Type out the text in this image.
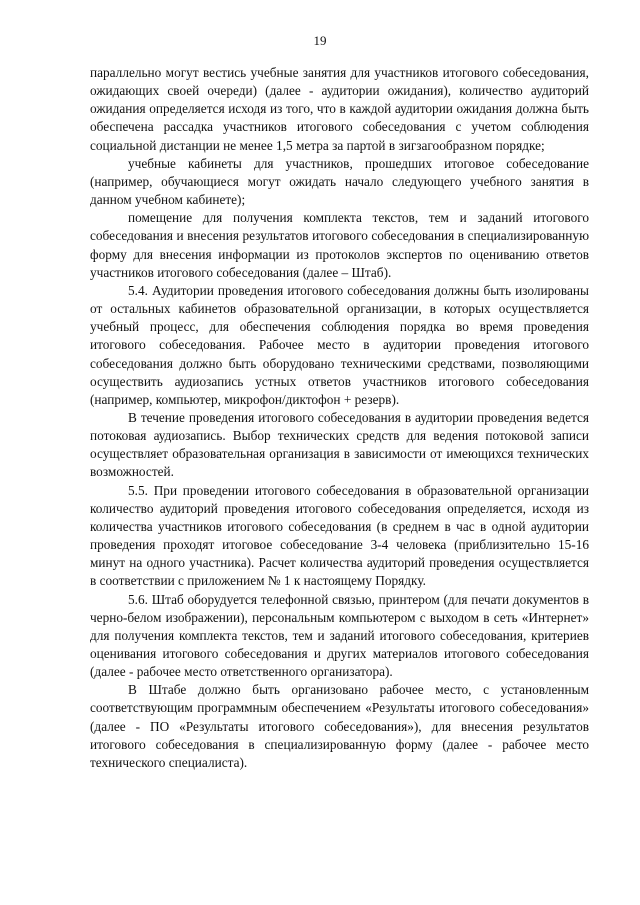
19

параллельно могут вестись учебные занятия для участников итогового собеседования, ожидающих своей очереди) (далее - аудитории ожидания), количество аудиторий ожидания определяется исходя из того, что в каждой аудитории ожидания должна быть обеспечена рассадка участников итогового собеседования с учетом соблюдения социальной дистанции не менее 1,5 метра за партой в зигзагообразном порядке;

учебные кабинеты для участников, прошедших итоговое собеседование (например, обучающиеся могут ожидать начало следующего учебного занятия в данном учебном кабинете);

помещение для получения комплекта текстов, тем и заданий итогового собеседования и внесения результатов итогового собеседования в специализированную форму для внесения информации из протоколов экспертов по оцениванию ответов участников итогового собеседования (далее – Штаб).

5.4. Аудитории проведения итогового собеседования должны быть изолированы от остальных кабинетов образовательной организации, в которых осуществляется учебный процесс, для обеспечения соблюдения порядка во время проведения итогового собеседования. Рабочее место в аудитории проведения итогового собеседования должно быть оборудовано техническими средствами, позволяющими осуществить аудиозапись устных ответов участников итогового собеседования (например, компьютер, микрофон/диктофон + резерв).

В течение проведения итогового собеседования в аудитории проведения ведется потоковая аудиозапись. Выбор технических средств для ведения потоковой записи осуществляет образовательная организация в зависимости от имеющихся технических возможностей.

5.5. При проведении итогового собеседования в образовательной организации количество аудиторий проведения итогового собеседования определяется, исходя из количества участников итогового собеседования (в среднем в час в одной аудитории проведения проходят итоговое собеседование 3-4 человека (приблизительно 15-16 минут на одного участника). Расчет количества аудиторий проведения осуществляется в соответствии с приложением № 1 к настоящему Порядку.

5.6. Штаб оборудуется телефонной связью, принтером (для печати документов в черно-белом изображении), персональным компьютером с выходом в сеть «Интернет» для получения комплекта текстов, тем и заданий итогового собеседования, критериев оценивания итогового собеседования и других материалов итогового собеседования (далее - рабочее место ответственного организатора).

В Штабе должно быть организовано рабочее место, с установленным соответствующим программным обеспечением «Результаты итогового собеседования» (далее - ПО «Результаты итогового собеседования»), для внесения результатов итогового собеседования в специализированную форму (далее - рабочее место технического специалиста).
